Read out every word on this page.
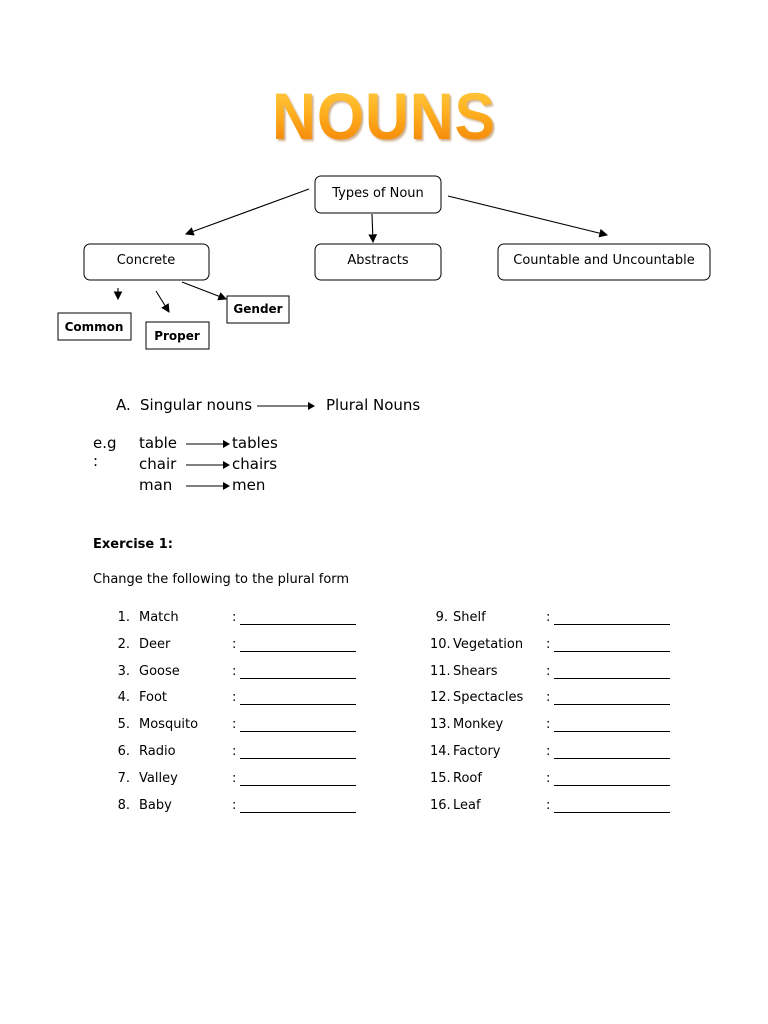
NOUNS
Types of Noun
Concrete	Abstracts	Countable and Uncountable
Common
Proper
Gender
A. Singular nouns	Plural Nouns
e.g :
table	tables
chair	chairs
man	men
Exercise 1:
Change the following to the plural form
1. Match	:
2. Deer	:
3. Goose	:
4. Foot	:
5. Mosquito	:
6. Radio	:
7. Valley	:
8. Baby	:
9. Shelf	:
10. Vegetation :
11. Shears	:
12. Spectacles :
13. Monkey	:
14. Factory	:
15. Roof	:
16. Leaf	:
